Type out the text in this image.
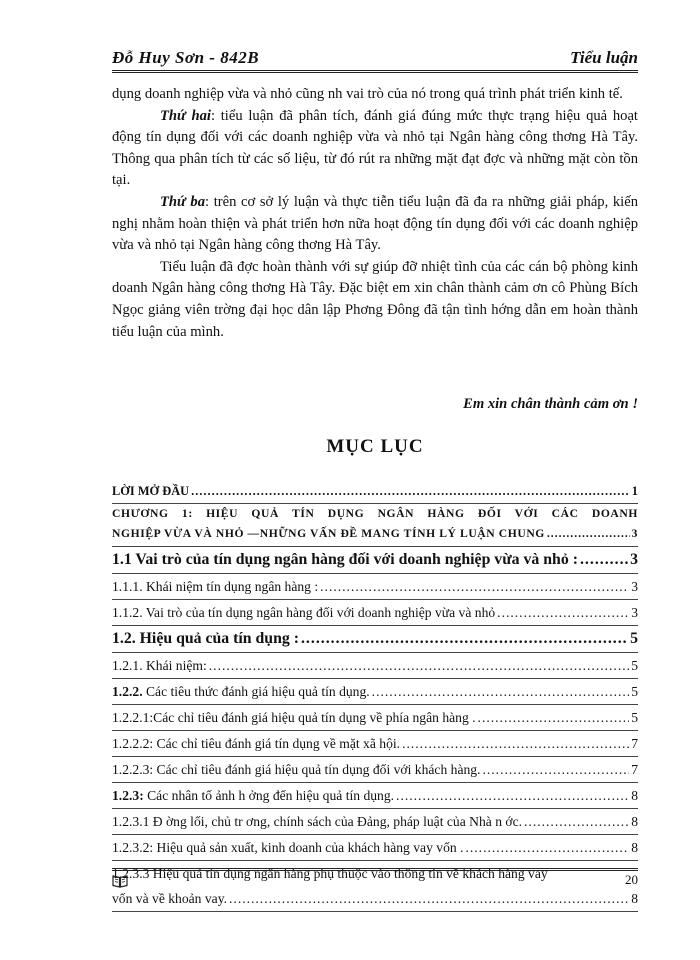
Đỗ Huy Sơn - 842B	Tiểu luận

dụng doanh nghiệp vừa và nhỏ cũng nh vai trò của nó trong quá trình phát triển kinh tế.

Thứ hai: tiểu luận đã phân tích, đánh giá đúng mức thực trạng hiệu quả hoạt động tín dụng đối với các doanh nghiệp vừa và nhỏ tại Ngân hàng công thơng Hà Tây. Thông qua phân tích từ các số liệu, từ đó rút ra những mặt đạt đợc và những mặt còn tồn tại.

Thứ ba: trên cơ sở lý luận và thực tiễn tiểu luận đã đa ra những giải pháp, kiến nghị nhằm hoàn thiện và phát triển hơn nữa hoạt động tín dụng đối với các doanh nghiệp vừa và nhỏ tại Ngân hàng công thơng Hà Tây.

Tiểu luận đã đợc hoàn thành với sự giúp đỡ nhiệt tình của các cán bộ phòng kinh doanh Ngân hàng công thơng Hà Tây. Đặc biệt em xin chân thành cảm ơn cô Phùng Bích Ngọc giảng viên trờng đại học dân lập Phơng Đông đã tận tình hớng dẫn em hoàn thành tiểu luận của mình.

Em xin chân thành cảm ơn !
MỤC LỤC
LỜI MỞ ĐẦU .....	1
CHƯƠNG 1: HIỆU QUẢ TÍN DỤNG NGÂN HÀNG ĐỐI VỚI CÁC DOANH
NGHIỆP VỪA VÀ NHỎ —NHỮNG VẤN ĐỀ MANG TÍNH LÝ LUẬN CHUNG .....	3
1.1 Vai trò của tín dụng ngân hàng đối với doanh nghiệp vừa và nhỏ : .....	3
1.1.1. Khái niệm tín dụng ngân hàng : .....	3
1.1.2. Vai trò của tín dụng ngân hàng đối với doanh nghiệp vừa và nhỏ .....	3
1.2. Hiệu quả của tín dụng : .....	5
1.2.1. Khái niệm: .....	5
1.2.2. Các tiêu thức đánh giá hiệu quả tín dụng. .....	5
1.2.2.1:Các chỉ tiêu đánh giá hiệu quả tín dụng về phía ngân hàng . .....	5
1.2.2.2: Các chỉ tiêu đánh giá tín dụng về mặt xã hội. .....	7
1.2.2.3: Các chỉ tiêu đánh giá hiệu quả tín dụng đối với khách hàng. .....	7
1.2.3: Các nhân tố ảnh h ởng đến hiệu quả tín dụng. .....	8
1.2.3.1 Đ ờng lối, chủ tr ơng, chính sách của Đảng, pháp luật của Nhà n ớc. .....	8
1.2.3.2: Hiệu quả sản xuất, kinh doanh của khách hàng vay vốn . .....	8
1.2.3.3 Hiệu quả tín dụng ngân hàng phụ thuộc vào thông tin về khách hàng vay
vốn và về khoản vay. .....	8
20
